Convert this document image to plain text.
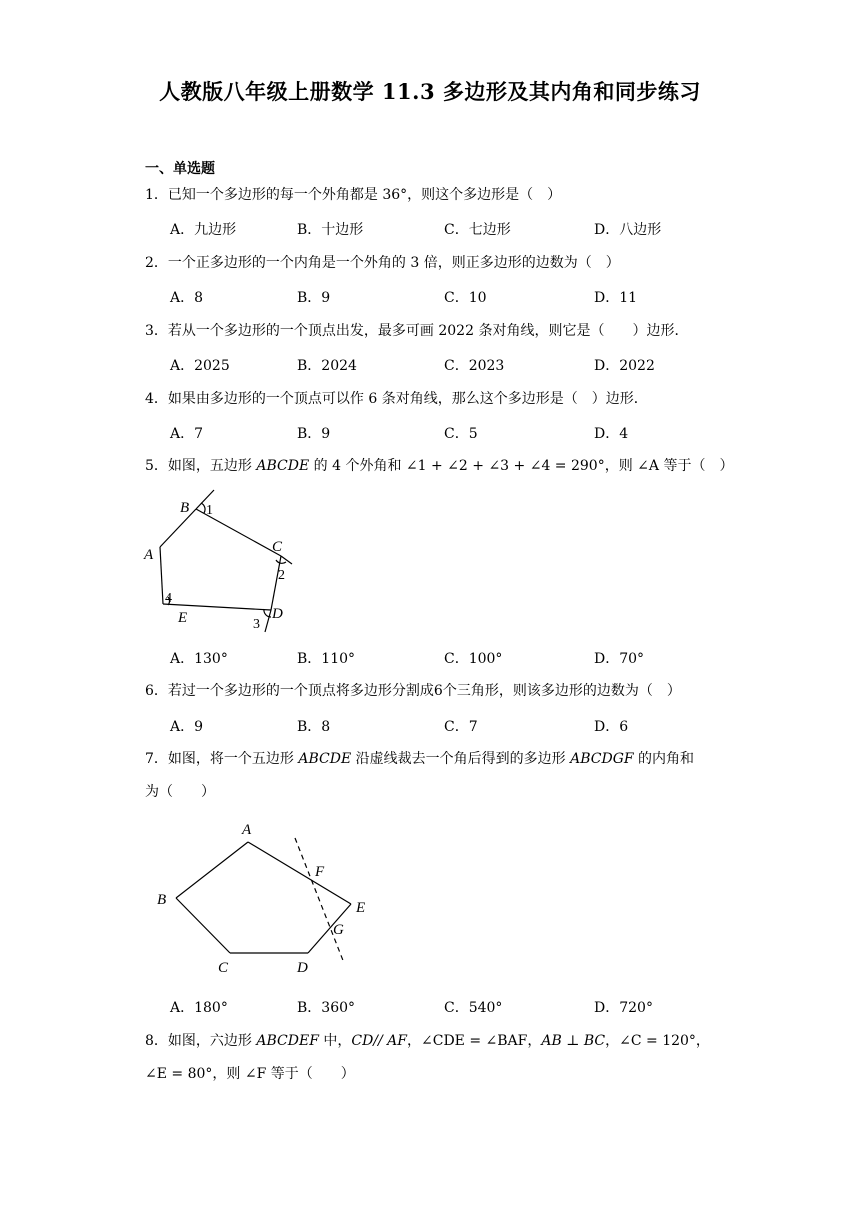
人教版八年级上册数学 11.3 多边形及其内角和同步练习
一、单选题
1．已知一个多边形的每一个外角都是 36°，则这个多边形是（　）
A．九边形	B．十边形	C．七边形	D．八边形
2．一个正多边形的一个内角是一个外角的 3 倍，则正多边形的边数为（　）
A．8	B．9	C．10	D．11
3．若从一个多边形的一个顶点出发，最多可画 2022 条对角线，则它是（　　）边形．
A．2025	B．2024	C．2023	D．2022
4．如果由多边形的一个顶点可以作 6 条对角线，那么这个多边形是（　）边形．
A．7	B．9	C．5	D．4
5．如图，五边形 ABCDE 的 4 个外角和 ∠1 + ∠2 + ∠3 + ∠4 = 290°，则 ∠A 等于（　）
B 1
A	C
2
4
E	D
3
A．130°	B．110°	C．100°	D．70°
6．若过一个多边形的一个顶点将多边形分割成6个三角形，则该多边形的边数为（　）
A．9	B．8	C．7	D．6
7．如图，将一个五边形 ABCDE 沿虚线裁去一个角后得到的多边形 ABCDGF 的内角和
为（　　）
A
B
C	D
E
F
G
A．180°	B．360°	C．540°	D．720°
8．如图，六边形 ABCDEF 中，CD// AF，∠CDE = ∠BAF，AB ⊥ BC，∠C = 120°，
∠E = 80°，则 ∠F 等于（　　）
